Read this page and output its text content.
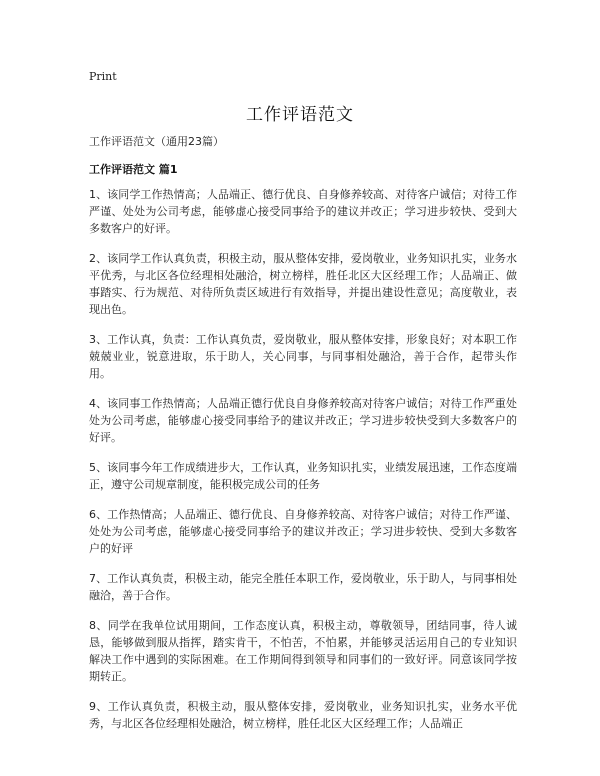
Print
工作评语范文
工作评语范文（通用23篇）
工作评语范文 篇1

1、该同学工作热情高；人品端正、德行优良、自身修养较高、对待客户诚信；对待工作严谨、处处为公司考虑，能够虚心接受同事给予的建议并改正；学习进步较快、受到大多数客户的好评。

2、该同学工作认真负责，积极主动，服从整体安排，爱岗敬业，业务知识扎实，业务水平优秀，与北区各位经理相处融洽，树立榜样，胜任北区大区经理工作；人品端正、做事踏实、行为规范、对待所负责区域进行有效指导，并提出建设性意见；高度敬业，表现出色。

3、工作认真，负责：工作认真负责，爱岗敬业，服从整体安排，形象良好；对本职工作兢兢业业，锐意进取，乐于助人，关心同事，与同事相处融洽，善于合作，起带头作用。

4、该同事工作热情高；人品端正德行优良自身修养较高对待客户诚信；对待工作严重处处为公司考虑，能够虚心接受同事给予的建议并改正；学习进步较快受到大多数客户的好评。

5、该同事今年工作成绩进步大，工作认真，业务知识扎实，业绩发展迅速，工作态度端正，遵守公司规章制度，能积极完成公司的任务

6、工作热情高；人品端正、德行优良、自身修养较高、对待客户诚信；对待工作严谨、处处为公司考虑，能够虚心接受同事给予的建议并改正；学习进步较快、受到大多数客户的好评

7、工作认真负责，积极主动，能完全胜任本职工作，爱岗敬业，乐于助人，与同事相处融洽，善于合作。

8、同学在我单位试用期间，工作态度认真，积极主动，尊敬领导，团结同事，待人诚恳，能够做到服从指挥，踏实肯干，不怕苦，不怕累，并能够灵活运用自己的专业知识解决工作中遇到的实际困难。在工作期间得到领导和同事们的一致好评。同意该同学按期转正。

9、工作认真负责，积极主动，服从整体安排，爱岗敬业，业务知识扎实，业务水平优秀，与北区各位经理相处融洽，树立榜样，胜任北区大区经理工作；人品端正
